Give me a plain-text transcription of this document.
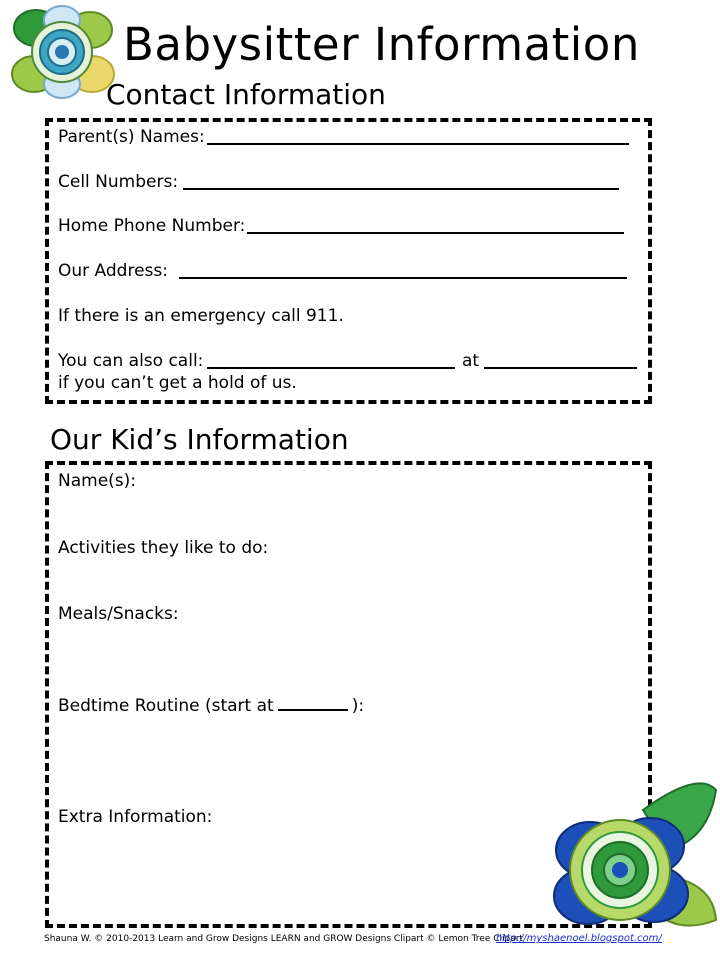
Babysitter Information
Contact Information
Parent(s) Names:
Cell Numbers:
Home Phone Number:
Our Address:
If there is an emergency call 911.
You can also call:	at
if you can’t get a hold of us.
Our Kid’s Information
Name(s):
Activities they like to do:
Meals/Snacks:
Bedtime Routine (start at	):
Extra Information:
Shauna W. © 2010-2013 Learn and Grow Designs LEARN and GROW Designs Clipart © Lemon Tree Clipart
http://myshaenoel.blogspot.com/
